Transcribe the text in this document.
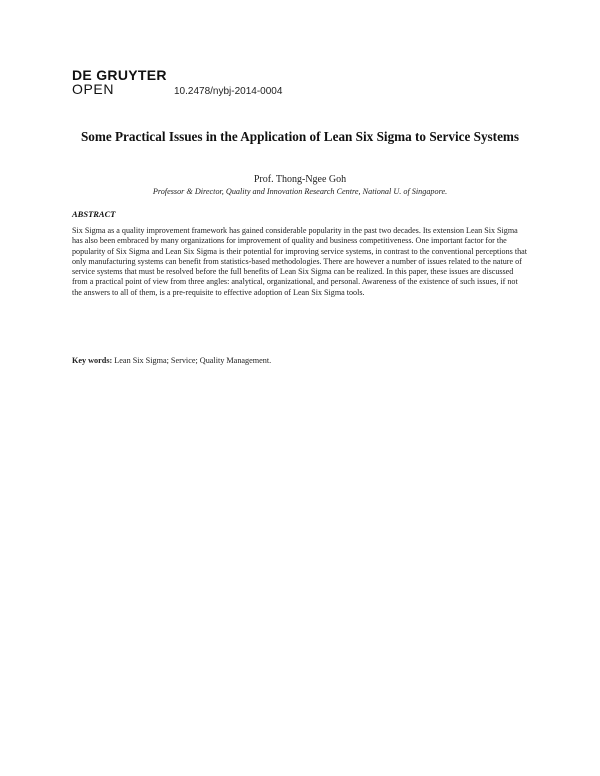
DE GRUYTER
OPEN	10.2478/nybj-2014-0004
Some Practical Issues in the Application of Lean Six Sigma to Service Systems
Prof. Thong-Ngee Goh
Professor & Director, Quality and Innovation Research Centre, National U. of Singapore.
ABSTRACT

Six Sigma as a quality improvement framework has gained considerable popularity in the past two decades. Its extension Lean Six Sigma has also been embraced by many organizations for improvement of quality and business competitiveness. One important factor for the popularity of Six Sigma and Lean Six Sigma is their potential for improving service systems, in contrast to the conventional perceptions that only manufacturing systems can benefit from statistics-based methodologies. There are however a number of issues related to the nature of service systems that must be resolved before the full benefits of Lean Six Sigma can be realized. In this paper, these issues are discussed from a practical point of view from three angles: analytical, organizational, and personal. Awareness of the existence of such issues, if not the answers to all of them, is a pre-requisite to effective adoption of Lean Six Sigma tools.

Key words: Lean Six Sigma; Service; Quality Management.
